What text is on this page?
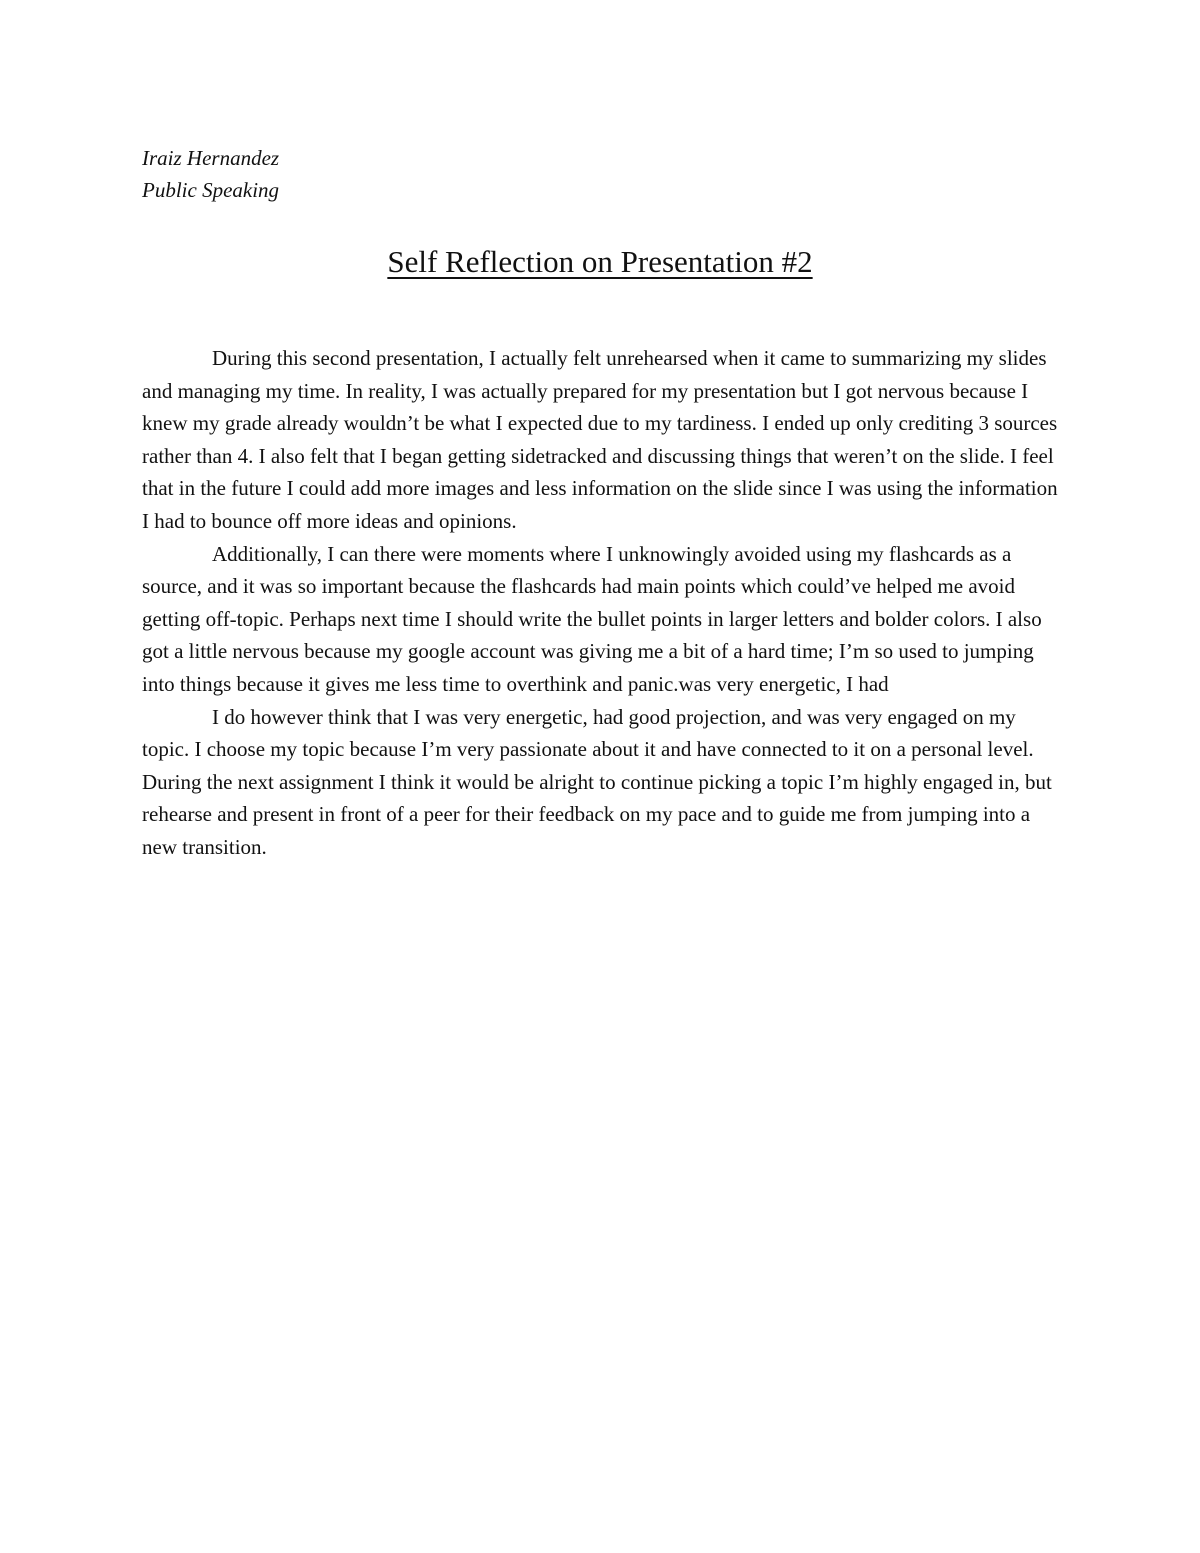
Iraiz Hernandez
Public Speaking
Self Reflection on Presentation #2

During this second presentation, I actually felt unrehearsed when it came to summarizing my slides and managing my time. In reality, I was actually prepared for my presentation but I got nervous because I knew my grade already wouldn’t be what I expected due to my tardiness. I ended up only crediting 3 sources rather than 4. I also felt that I began getting sidetracked and discussing things that weren’t on the slide. I feel that in the future I could add more images and less information on the slide since I was using the information I had to bounce off more ideas and opinions.

Additionally, I can there were moments where I unknowingly avoided using my flashcards as a source, and it was so important because the flashcards had main points which could’ve helped me avoid getting off-topic. Perhaps next time I should write the bullet points in larger letters and bolder colors. I also got a little nervous because my google account was giving me a bit of a hard time; I’m so used to jumping into things because it gives me less time to overthink and panic.was very energetic, I had

I do however think that I was very energetic, had good projection, and was very engaged on my topic. I choose my topic because I’m very passionate about it and have connected to it on a personal level. During the next assignment I think it would be alright to continue picking a topic I’m highly engaged in, but rehearse and present in front of a peer for their feedback on my pace and to guide me from jumping into a new transition.
